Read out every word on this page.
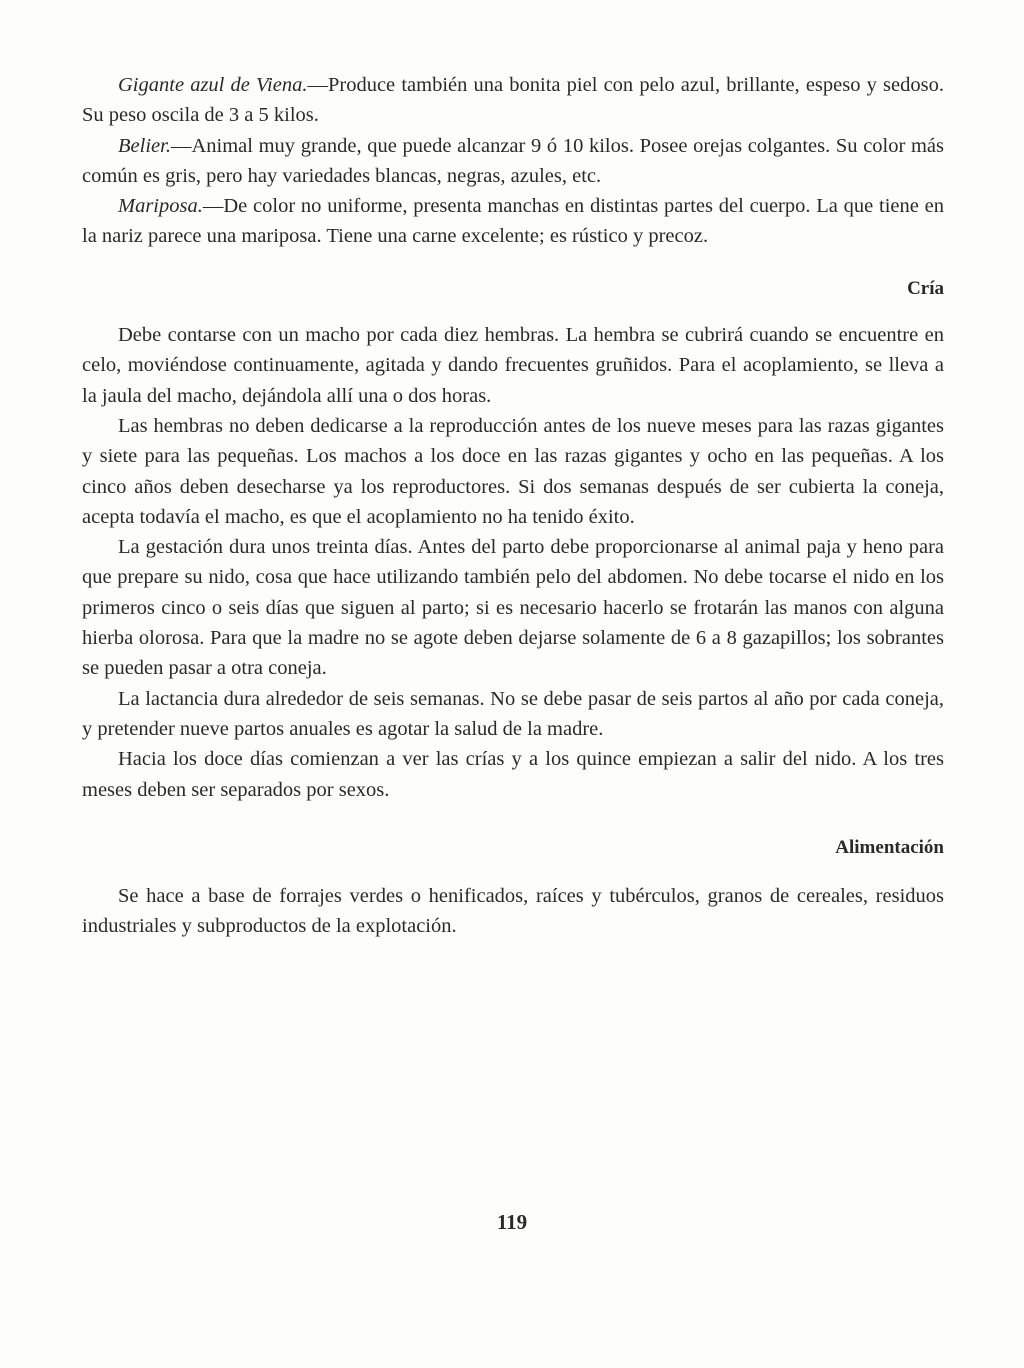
Gigante azul de Viena.—Produce también una bonita piel con pelo azul, brillante, espeso y sedoso. Su peso oscila de 3 a 5 kilos.

Belier.—Animal muy grande, que puede alcanzar 9 ó 10 kilos. Posee orejas colgantes. Su color más común es gris, pero hay variedades blancas, negras, azules, etc.

Mariposa.—De color no uniforme, presenta manchas en distintas partes del cuerpo. La que tiene en la nariz parece una mariposa. Tiene una carne excelente; es rústico y precoz.

Cría

Debe contarse con un macho por cada diez hembras. La hembra se cubrirá cuando se encuentre en celo, moviéndose continuamente, agitada y dando frecuentes gruñidos. Para el acoplamiento, se lleva a la jaula del macho, dejándola allí una o dos horas.

Las hembras no deben dedicarse a la reproducción antes de los nueve meses para las razas gigantes y siete para las pequeñas. Los machos a los doce en las razas gigantes y ocho en las pequeñas. A los cinco años deben desecharse ya los reproductores. Si dos semanas después de ser cubierta la coneja, acepta todavía el macho, es que el acoplamiento no ha tenido éxito.

La gestación dura unos treinta días. Antes del parto debe proporcionarse al animal paja y heno para que prepare su nido, cosa que hace utilizando también pelo del abdomen. No debe tocarse el nido en los primeros cinco o seis días que siguen al parto; si es necesario hacerlo se frotarán las manos con alguna hierba olorosa. Para que la madre no se agote deben dejarse solamente de 6 a 8 gazapillos; los sobrantes se pueden pasar a otra coneja.

La lactancia dura alrededor de seis semanas. No se debe pasar de seis partos al año por cada coneja, y pretender nueve partos anuales es agotar la salud de la madre.

Hacia los doce días comienzan a ver las crías y a los quince empiezan a salir del nido. A los tres meses deben ser separados por sexos.

Alimentación

Se hace a base de forrajes verdes o henificados, raíces y tubérculos, granos de cereales, residuos industriales y subproductos de la explotación.

119
